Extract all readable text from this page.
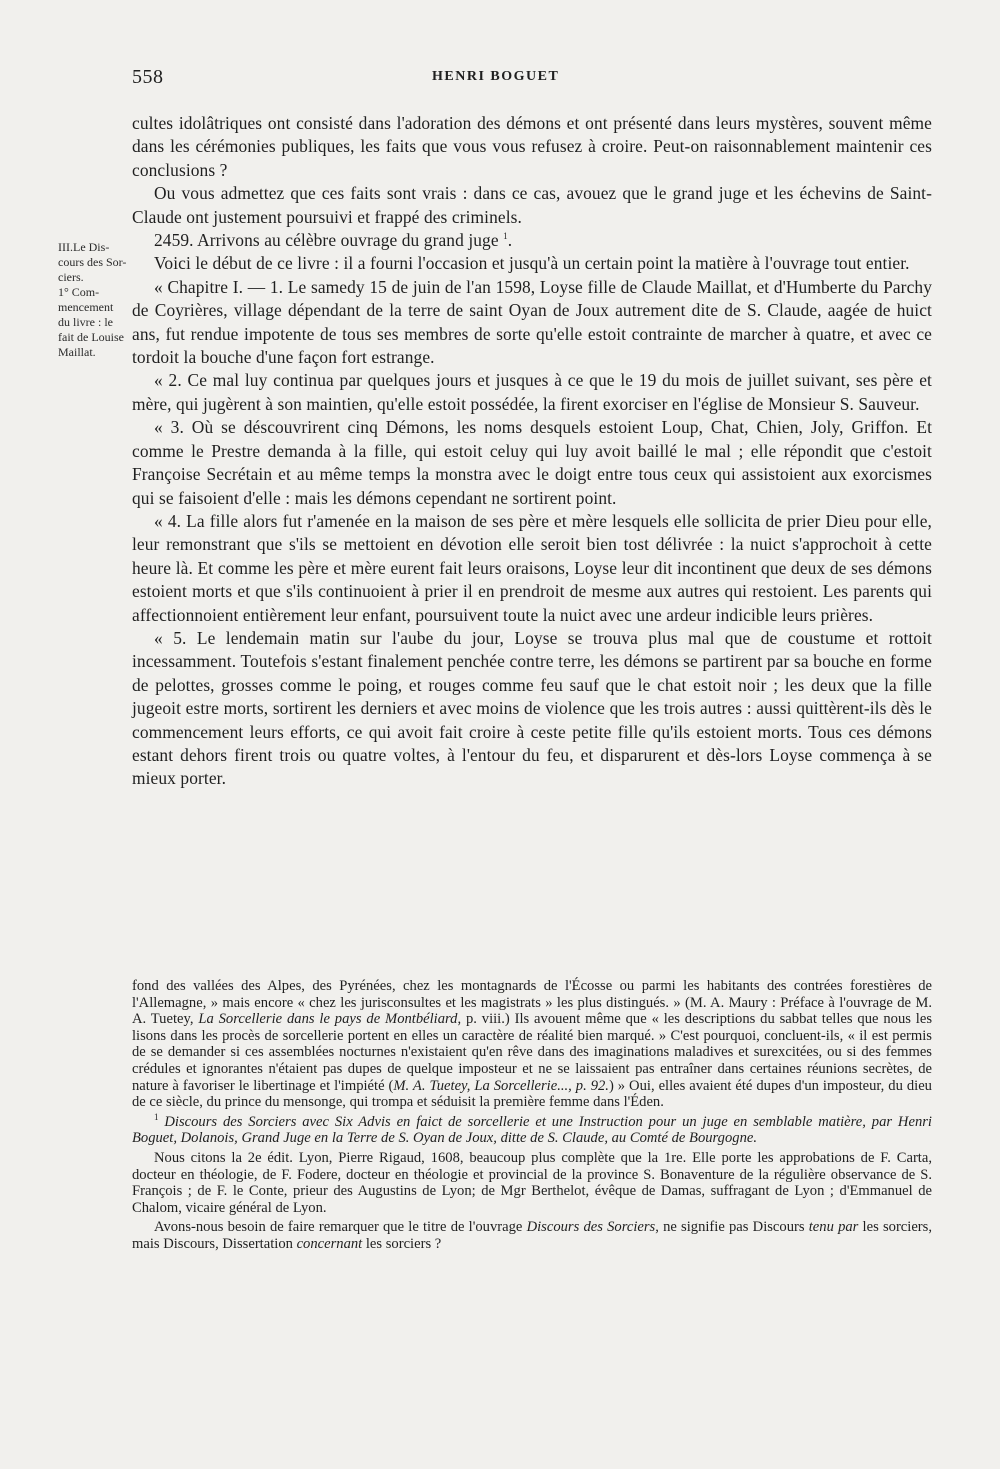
558	HENRI BOGUET

III.Le Dis-

cours des Sor-

ciers.

1° Com-

mencement

du livre : le

fait de Louise

Maillat.

cultes idolâtriques ont consisté dans l'adoration des démons et ont présenté dans leurs mystères, souvent même dans les cérémonies publiques, les faits que vous vous refusez à croire. Peut-on raisonnablement maintenir ces conclusions ?

Ou vous admettez que ces faits sont vrais : dans ce cas, avouez que le grand juge et les échevins de Saint-Claude ont justement poursuivi et frappé des criminels.

2459. Arrivons au célèbre ouvrage du grand juge $^1$.

Voici le début de ce livre : il a fourni l'occasion et jusqu'à un certain point la matière à l'ouvrage tout entier.

« Chapitre I. — 1. Le samedy 15 de juin de l'an 1598, Loyse fille de Claude Maillat, et d'Humberte du Parchy de Coyrières, village dépendant de la terre de saint Oyan de Joux autrement dite de S. Claude, aagée de huict ans, fut rendue impotente de tous ses membres de sorte qu'elle estoit contrainte de marcher à quatre, et avec ce tordoit la bouche d'une façon fort estrange.

« 2. Ce mal luy continua par quelques jours et jusques à ce que le 19 du mois de juillet suivant, ses père et mère, qui jugèrent à son maintien, qu'elle estoit possédée, la firent exorciser en l'église de Monsieur S. Sauveur.

« 3. Où se déscouvrirent cinq Démons, les noms desquels estoient Loup, Chat, Chien, Joly, Griffon. Et comme le Prestre demanda à la fille, qui estoit celuy qui luy avoit baillé le mal ; elle répondit que c'estoit Françoise Secrétain et au même temps la monstra avec le doigt entre tous ceux qui assistoient aux exorcismes qui se faisoient d'elle : mais les démons cependant ne sortirent point.

« 4. La fille alors fut r'amenée en la maison de ses père et mère lesquels elle sollicita de prier Dieu pour elle, leur remonstrant que s'ils se mettoient en dévotion elle seroit bien tost délivrée : la nuict s'approchoit à cette heure là. Et comme les père et mère eurent fait leurs oraisons, Loyse leur dit incontinent que deux de ses démons estoient morts et que s'ils continuoient à prier il en prendroit de mesme aux autres qui restoient. Les parents qui affectionnoient entièrement leur enfant, poursuivent toute la nuict avec une ardeur indicible leurs prières.

« 5. Le lendemain matin sur l'aube du jour, Loyse se trouva plus mal que de coustume et rottoit incessamment. Toutefois s'estant finalement penchée contre terre, les démons se partirent par sa bouche en forme de pelottes, grosses comme le poing, et rouges comme feu sauf que le chat estoit noir ; les deux que la fille jugeoit estre morts, sortirent les derniers et avec moins de violence que les trois autres : aussi quittèrent-ils dès le commencement leurs efforts, ce qui avoit fait croire à ceste petite fille qu'ils estoient morts. Tous ces démons estant dehors firent trois ou quatre voltes, à l'entour du feu, et disparurent et dès-lors Loyse commença à se mieux porter.

fond des vallées des Alpes, des Pyrénées, chez les montagnards de l'Écosse ou parmi les habitants des contrées forestières de l'Allemagne, » mais encore « chez les jurisconsultes et les magistrats » les plus distingués. » (M. A. Maury : Préface à l'ouvrage de M. A. Tuetey, La Sorcellerie dans le pays de Montbéliard, p. viii.) Ils avouent même que « les descriptions du sabbat telles que nous les lisons dans les procès de sorcellerie portent en elles un caractère de réalité bien marqué. » C'est pourquoi, concluent-ils, « il est permis de se demander si ces assemblées nocturnes n'existaient qu'en rêve dans des imaginations maladives et surexcitées, ou si des femmes crédules et ignorantes n'étaient pas dupes de quelque imposteur et ne se laissaient pas entraîner dans certaines réunions secrètes, de nature à favoriser le libertinage et l'impiété (M. A. Tuetey, La Sorcellerie..., p. 92.) » Oui, elles avaient été dupes d'un imposteur, du dieu de ce siècle, du prince du mensonge, qui trompa et séduisit la première femme dans l'Éden.

$^1$ Discours des Sorciers avec Six Advis en faict de sorcellerie et une Instruction pour un juge en semblable matière, par Henri Boguet, Dolanois, Grand Juge en la Terre de S. Oyan de Joux, ditte de S. Claude, au Comté de Bourgogne.

Nous citons la 2e édit. Lyon, Pierre Rigaud, 1608, beaucoup plus complète que la 1re. Elle porte les approbations de F. Carta, docteur en théologie, de F. Fodere, docteur en théologie et provincial de la province S. Bonaventure de la régulière observance de S. François ; de F. le Conte, prieur des Augustins de Lyon; de Mgr Berthelot, évêque de Damas, suffragant de Lyon ; d'Emmanuel de Chalom, vicaire général de Lyon.

Avons-nous besoin de faire remarquer que le titre de l'ouvrage Discours des Sorciers, ne signifie pas Discours tenu par les sorciers, mais Discours, Dissertation concernant les sorciers ?
